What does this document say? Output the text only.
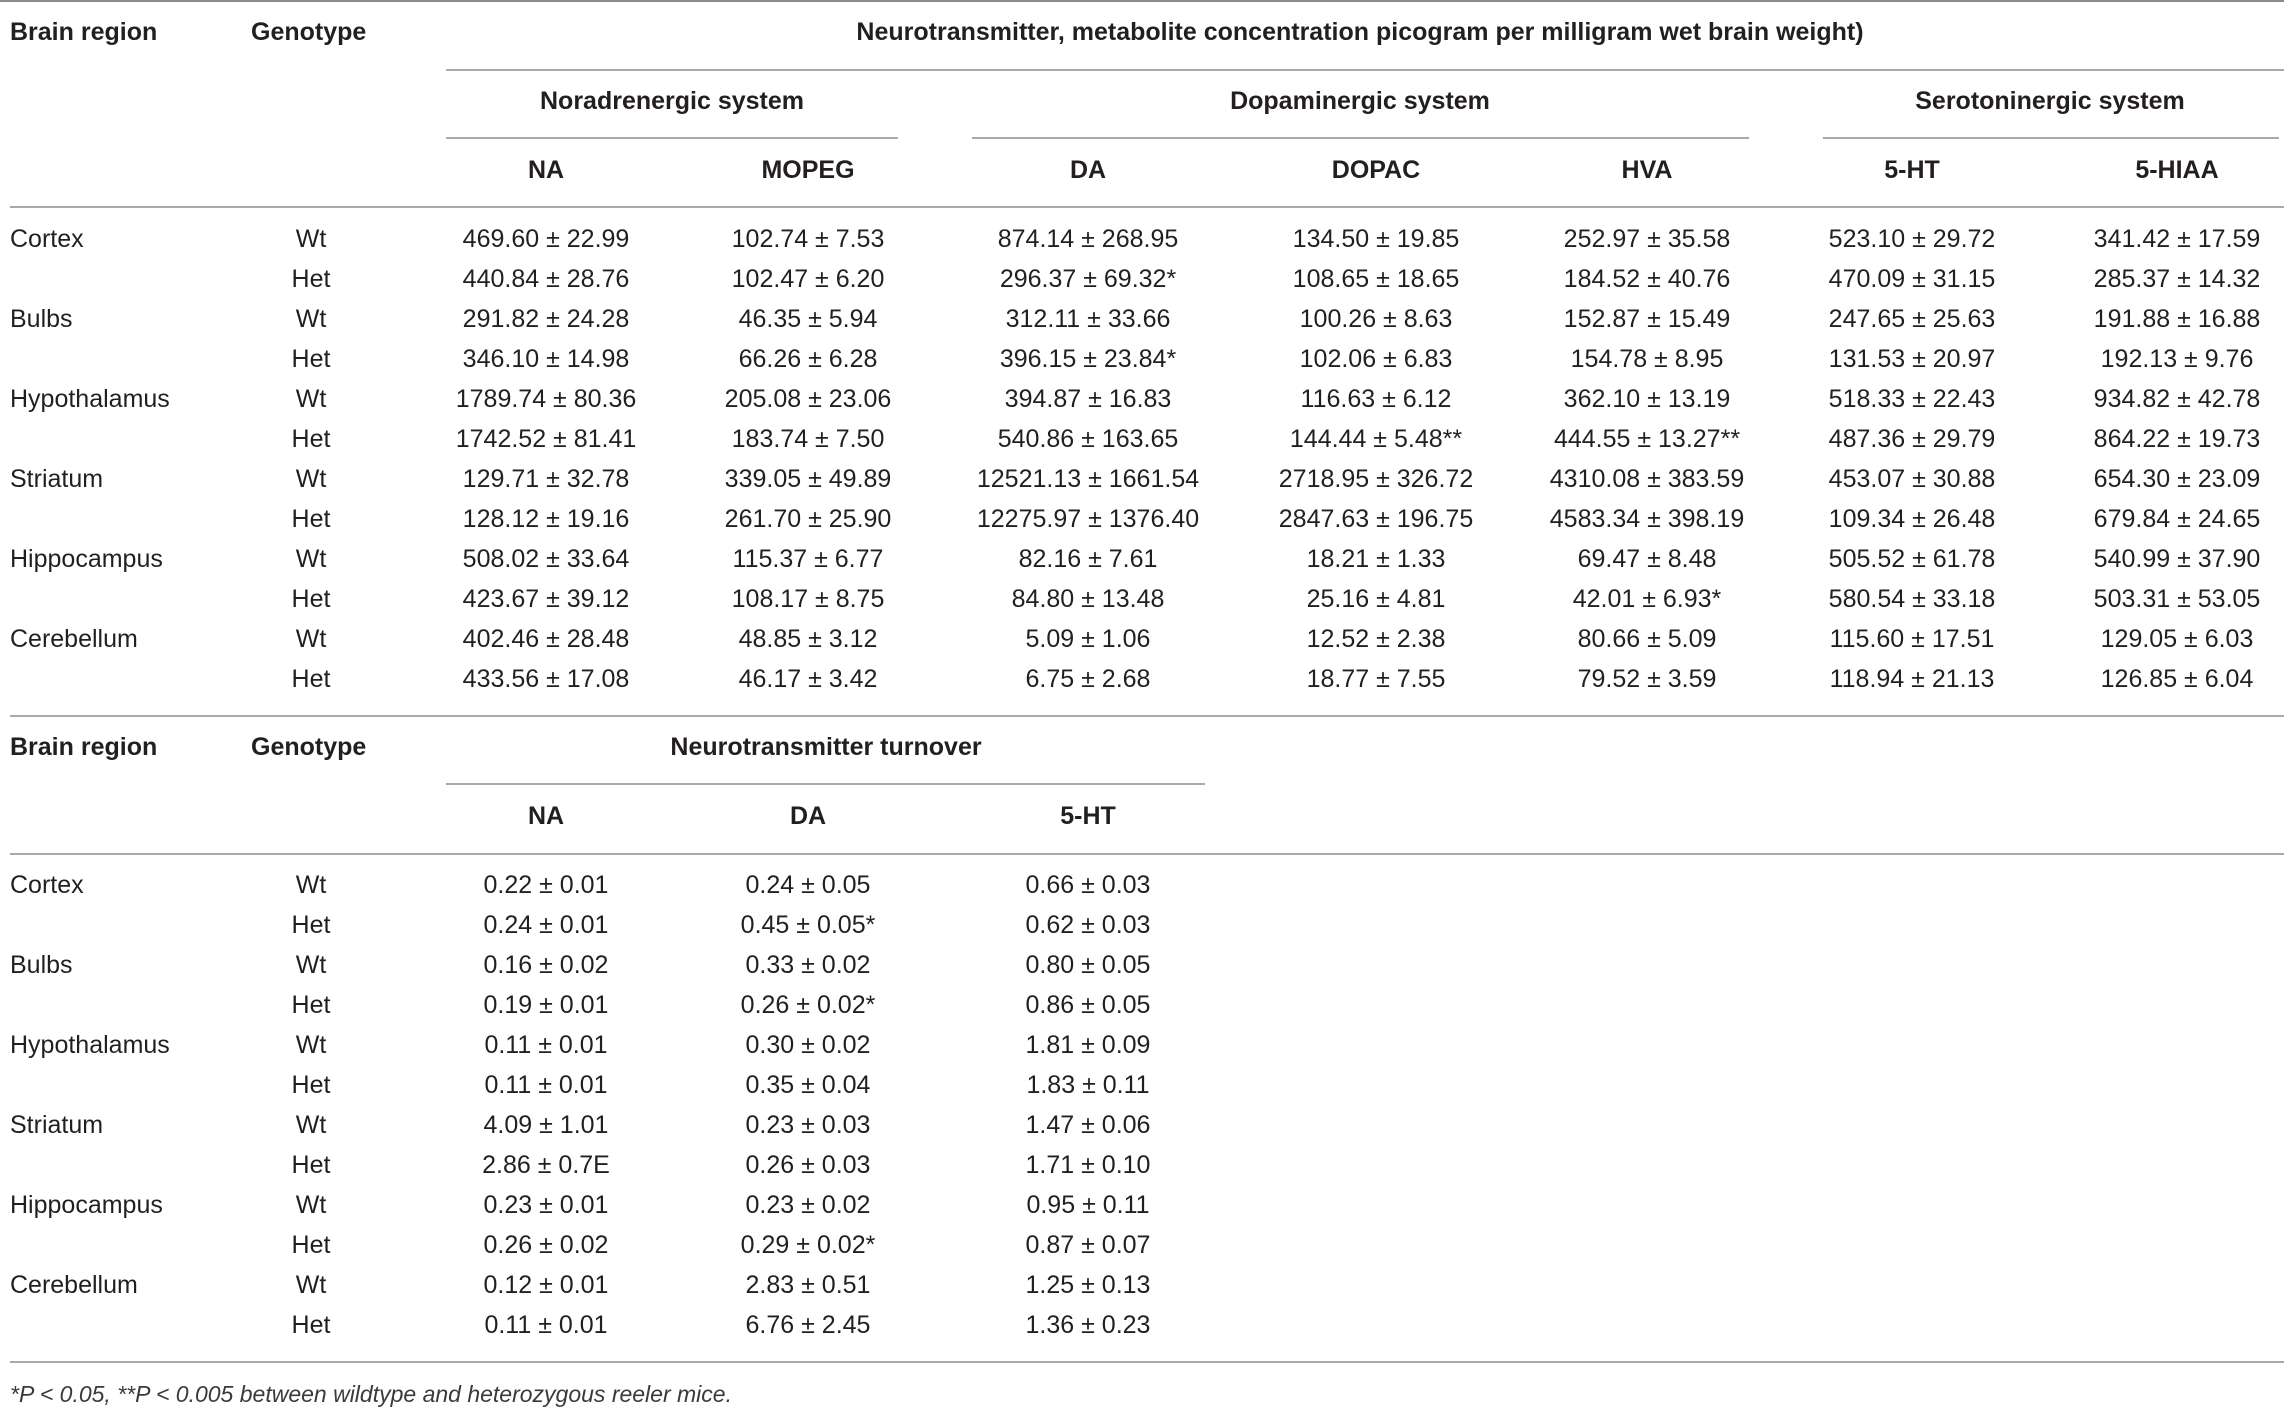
Brain region	Genotype	Neurotransmitter, metabolite concentration picogram per milligram wet brain weight)
Noradrenergic system	Dopaminergic system	Serotoninergic system
NA	MOPEG	DA	DOPAC	HVA	5-HT	5-HIAA
Cortex	Wt	469.60 ± 22.99	102.74 ± 7.53	874.14 ± 268.95	134.50 ± 19.85	252.97 ± 35.58	523.10 ± 29.72	341.42 ± 17.59
Het	440.84 ± 28.76	102.47 ± 6.20	296.37 ± 69.32*	108.65 ± 18.65	184.52 ± 40.76	470.09 ± 31.15	285.37 ± 14.32
Bulbs	Wt	291.82 ± 24.28	46.35 ± 5.94	312.11 ± 33.66	100.26 ± 8.63	152.87 ± 15.49	247.65 ± 25.63	191.88 ± 16.88
Het	346.10 ± 14.98	66.26 ± 6.28	396.15 ± 23.84*	102.06 ± 6.83	154.78 ± 8.95	131.53 ± 20.97	192.13 ± 9.76
Hypothalamus	Wt	1789.74 ± 80.36	205.08 ± 23.06	394.87 ± 16.83	116.63 ± 6.12	362.10 ± 13.19	518.33 ± 22.43	934.82 ± 42.78
Het	1742.52 ± 81.41	183.74 ± 7.50	540.86 ± 163.65	144.44 ± 5.48**	444.55 ± 13.27**	487.36 ± 29.79	864.22 ± 19.73
Striatum	Wt	129.71 ± 32.78	339.05 ± 49.89	12521.13 ± 1661.54	2718.95 ± 326.72	4310.08 ± 383.59	453.07 ± 30.88	654.30 ± 23.09
Het	128.12 ± 19.16	261.70 ± 25.90	12275.97 ± 1376.40	2847.63 ± 196.75	4583.34 ± 398.19	109.34 ± 26.48	679.84 ± 24.65
Hippocampus	Wt	508.02 ± 33.64	115.37 ± 6.77	82.16 ± 7.61	18.21 ± 1.33	69.47 ± 8.48	505.52 ± 61.78	540.99 ± 37.90
Het	423.67 ± 39.12	108.17 ± 8.75	84.80 ± 13.48	25.16 ± 4.81	42.01 ± 6.93*	580.54 ± 33.18	503.31 ± 53.05
Cerebellum	Wt	402.46 ± 28.48	48.85 ± 3.12	5.09 ± 1.06	12.52 ± 2.38	80.66 ± 5.09	115.60 ± 17.51	129.05 ± 6.03
Het	433.56 ± 17.08	46.17 ± 3.42	6.75 ± 2.68	18.77 ± 7.55	79.52 ± 3.59	118.94 ± 21.13	126.85 ± 6.04
Brain region	Genotype	Neurotransmitter turnover
NA	DA	5-HT
Cortex	Wt	0.22 ± 0.01	0.24 ± 0.05	0.66 ± 0.03
Het	0.24 ± 0.01	0.45 ± 0.05*	0.62 ± 0.03
Bulbs	Wt	0.16 ± 0.02	0.33 ± 0.02	0.80 ± 0.05
Het	0.19 ± 0.01	0.26 ± 0.02*	0.86 ± 0.05
Hypothalamus	Wt	0.11 ± 0.01	0.30 ± 0.02	1.81 ± 0.09
Het	0.11 ± 0.01	0.35 ± 0.04	1.83 ± 0.11
Striatum	Wt	4.09 ± 1.01	0.23 ± 0.03	1.47 ± 0.06
Het	2.86 ± 0.7E	0.26 ± 0.03	1.71 ± 0.10
Hippocampus	Wt	0.23 ± 0.01	0.23 ± 0.02	0.95 ± 0.11
Het	0.26 ± 0.02	0.29 ± 0.02*	0.87 ± 0.07
Cerebellum	Wt	0.12 ± 0.01	2.83 ± 0.51	1.25 ± 0.13
Het	0.11 ± 0.01	6.76 ± 2.45	1.36 ± 0.23
*P < 0.05, **P < 0.005 between wildtype and heterozygous reeler mice.
